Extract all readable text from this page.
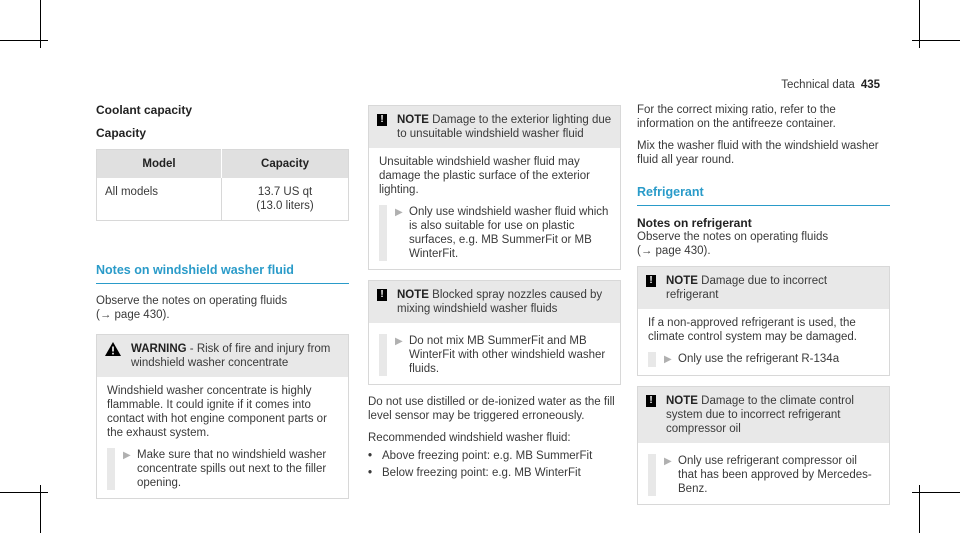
Technical data 435
Coolant capacity
Capacity
Model	Capacity
All models	13.7 US qt
(13.0 liters)
Notes on windshield washer fluid
Observe the notes on operating fluids
(→ page 430).
WARNING - Risk of fire and injury from windshield washer concentrate
Windshield washer concentrate is highly flammable. It could ignite if it comes into contact with hot engine component parts or the exhaust system.
▶ Make sure that no windshield washer concentrate spills out next to the filler opening.
! NOTE Damage to the exterior lighting due to unsuitable windshield washer fluid
Unsuitable windshield washer fluid may damage the plastic surface of the exterior lighting.
▶ Only use windshield washer fluid which is also suitable for use on plastic surfaces, e.g. MB SummerFit or MB WinterFit.
! NOTE Blocked spray nozzles caused by mixing windshield washer fluids
▶ Do not mix MB SummerFit and MB WinterFit with other windshield washer fluids.
Do not use distilled or de-ionized water as the fill level sensor may be triggered erroneously.
Recommended windshield washer fluid:
• Above freezing point: e.g. MB SummerFit
• Below freezing point: e.g. MB WinterFit
For the correct mixing ratio, refer to the information on the antifreeze container.
Mix the washer fluid with the windshield washer fluid all year round.
Refrigerant
Notes on refrigerant
Observe the notes on operating fluids
(→ page 430).
! NOTE Damage due to incorrect refrigerant
If a non-approved refrigerant is used, the climate control system may be damaged.
▶ Only use the refrigerant R-134a
! NOTE Damage to the climate control system due to incorrect refrigerant compressor oil
▶ Only use refrigerant compressor oil that has been approved by Mercedes-Benz.
